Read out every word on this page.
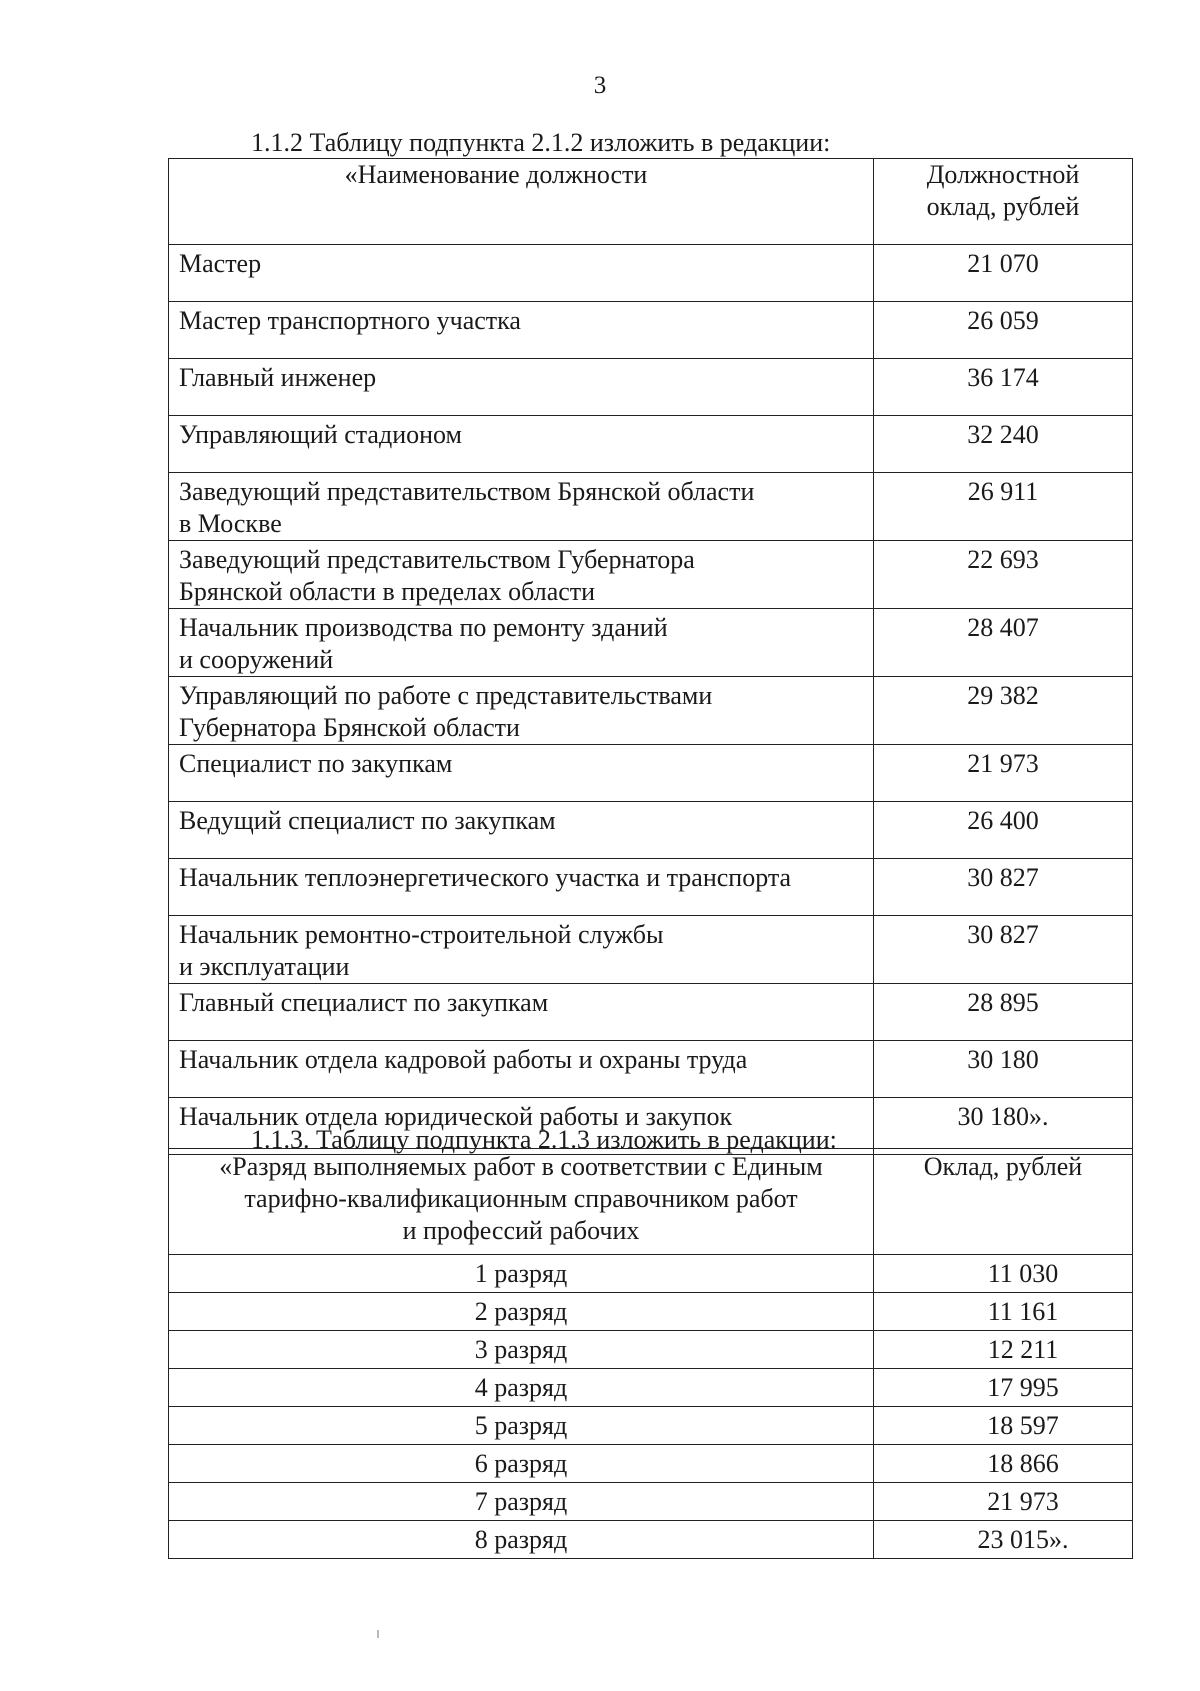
3
1.1.2 Таблицу подпункта 2.1.2 изложить в редакции:
«Наименование должности	Должностной
оклад, рублей

Мастер	21 070
Мастер транспортного участка	26 059
Главный инженер	36 174
Управляющий стадионом	32 240

Заведующий представительством Брянской области
в Москве	26 911

Заведующий представительством Губернатора
Брянской области в пределах области	22 693

Начальник производства по ремонту зданий
и сооружений	28 407

Управляющий по работе с представительствами
Губернатора Брянской области	29 382
Специалист по закупкам	21 973
Ведущий специалист по закупкам	26 400
Начальник теплоэнергетического участка и транспорта	30 827

Начальник ремонтно-строительной службы
и эксплуатации	30 827
Главный специалист по закупкам	28 895
Начальник отдела кадровой работы и охраны труда	30 180
Начальник отдела юридической работы и закупок	30 180».
1.1.3. Таблицу подпункта 2.1.3 изложить в редакции:
«Разряд выполняемых работ в соответствии с Единым
тарифно-квалификационным справочником работ
и профессий рабочих	Оклад, рублей
1 разряд	11 030
2 разряд	11 161
3 разряд	12 211
4 разряд	17 995
5 разряд	18 597
6 разряд	18 866
7 разряд	21 973
8 разряд	23 015».
